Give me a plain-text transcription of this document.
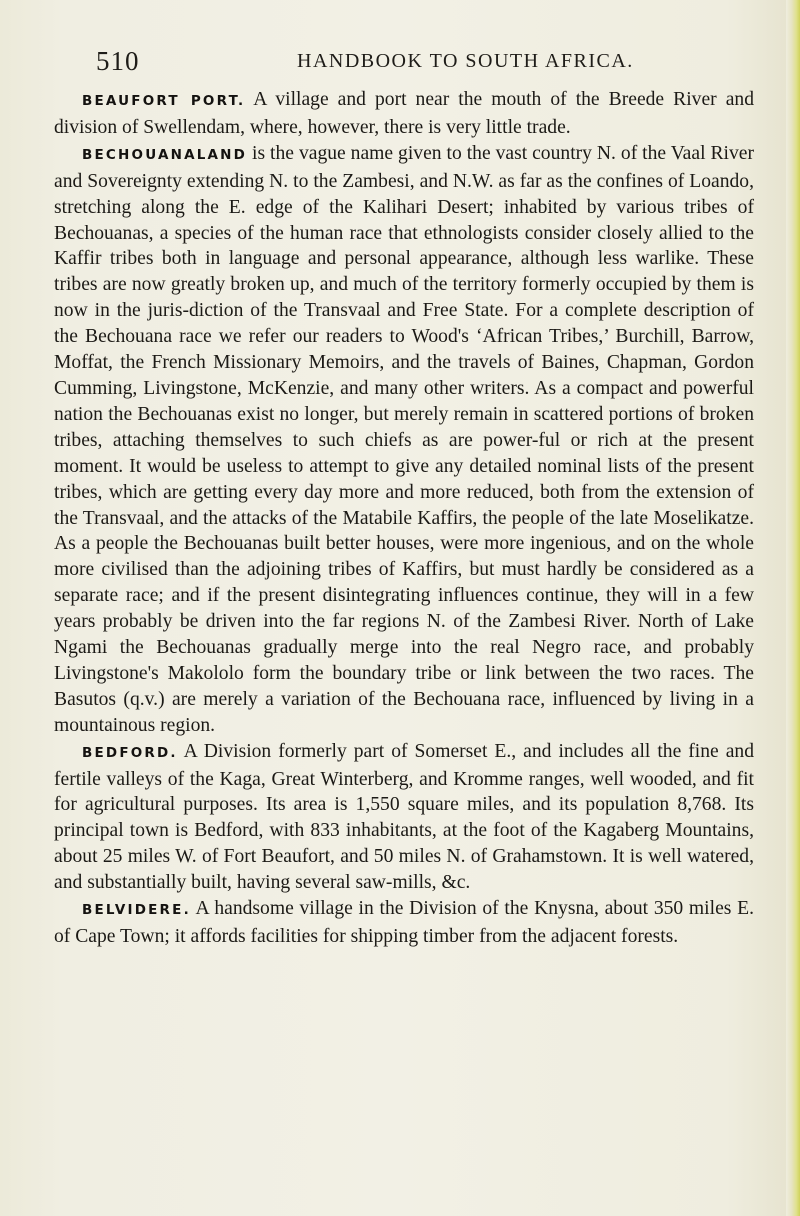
510	HANDBOOK TO SOUTH AFRICA.

BEAUFORT PORT. A village and port near the mouth of the Breede River and division of Swellendam, where, however, there is very little trade.

BECHOUANALAND is the vague name given to the vast country N. of the Vaal River and Sovereignty extending N. to the Zambesi, and N.W. as far as the confines of Loando, stretching along the E. edge of the Kalihari Desert; inhabited by various tribes of Bechouanas, a species of the human race that ethnologists consider closely allied to the Kaffir tribes both in language and personal appearance, although less warlike. These tribes are now greatly broken up, and much of the territory formerly occupied by them is now in the juris-diction of the Transvaal and Free State. For a complete description of the Bechouana race we refer our readers to Wood's ‘African Tribes,’ Burchill, Barrow, Moffat, the French Missionary Memoirs, and the travels of Baines, Chapman, Gordon Cumming, Livingstone, McKenzie, and many other writers. As a compact and powerful nation the Bechouanas exist no longer, but merely remain in scattered portions of broken tribes, attaching themselves to such chiefs as are power-ful or rich at the present moment. It would be useless to attempt to give any detailed nominal lists of the present tribes, which are getting every day more and more reduced, both from the extension of the Transvaal, and the attacks of the Matabile Kaffirs, the people of the late Moselikatze. As a people the Bechouanas built better houses, were more ingenious, and on the whole more civilised than the adjoining tribes of Kaffirs, but must hardly be considered as a separate race; and if the present disintegrating influences continue, they will in a few years probably be driven into the far regions N. of the Zambesi River. North of Lake Ngami the Bechouanas gradually merge into the real Negro race, and probably Livingstone's Makololo form the boundary tribe or link between the two races. The Basutos (q.v.) are merely a variation of the Bechouana race, influenced by living in a mountainous region.

BEDFORD. A Division formerly part of Somerset E., and includes all the fine and fertile valleys of the Kaga, Great Winterberg, and Kromme ranges, well wooded, and fit for agricultural purposes. Its area is 1,550 square miles, and its population 8,768. Its principal town is Bedford, with 833 inhabitants, at the foot of the Kagaberg Mountains, about 25 miles W. of Fort Beaufort, and 50 miles N. of Grahamstown. It is well watered, and substantially built, having several saw-mills, &c.

BELVIDERE. A handsome village in the Division of the Knysna, about 350 miles E. of Cape Town; it affords facilities for shipping timber from the adjacent forests.
